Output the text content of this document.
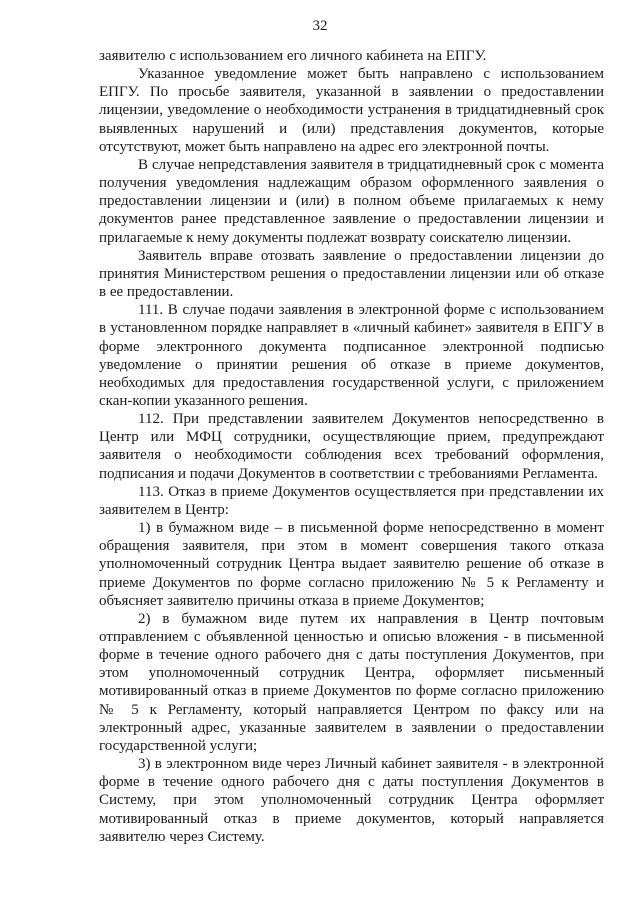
32

заявителю с использованием его личного кабинета на ЕПГУ.

Указанное уведомление может быть направлено с использованием ЕПГУ. По просьбе заявителя, указанной в заявлении о предоставлении лицензии, уведомление о необходимости устранения в тридцатидневный срок выявленных нарушений и (или) представления документов, которые отсутствуют, может быть направлено на адрес его электронной почты.

В случае непредставления заявителя в тридцатидневный срок с момента получения уведомления надлежащим образом оформленного заявления о предоставлении лицензии и (или) в полном объеме прилагаемых к нему документов ранее представленное заявление о предоставлении лицензии и прилагаемые к нему документы подлежат возврату соискателю лицензии.

Заявитель вправе отозвать заявление о предоставлении лицензии до принятия Министерством решения о предоставлении лицензии или об отказе в ее предоставлении.

111. В случае подачи заявления в электронной форме с использованием в установленном порядке направляет в «личный кабинет» заявителя в ЕПГУ в форме электронного документа подписанное электронной подписью уведомление о принятии решения об отказе в приеме документов, необходимых для предоставления государственной услуги, с приложением скан-копии указанного решения.

112. При представлении заявителем Документов непосредственно в Центр или МФЦ сотрудники, осуществляющие прием, предупреждают заявителя о необходимости соблюдения всех требований оформления, подписания и подачи Документов в соответствии с требованиями Регламента.

113. Отказ в приеме Документов осуществляется при представлении их заявителем в Центр:

1) в бумажном виде – в письменной форме непосредственно в момент обращения заявителя, при этом в момент совершения такого отказа уполномоченный сотрудник Центра выдает заявителю решение об отказе в приеме Документов по форме согласно приложению № 5 к Регламенту и объясняет заявителю причины отказа в приеме Документов;

2) в бумажном виде путем их направления в Центр почтовым отправлением с объявленной ценностью и описью вложения - в письменной форме в течение одного рабочего дня с даты поступления Документов, при этом уполномоченный сотрудник Центра, оформляет письменный мотивированный отказ в приеме Документов по форме согласно приложению № 5 к Регламенту, который направляется Центром по факсу или на электронный адрес, указанные заявителем в заявлении о предоставлении государственной услуги;

3) в электронном виде через Личный кабинет заявителя - в электронной форме в течение одного рабочего дня с даты поступления Документов в Систему, при этом уполномоченный сотрудник Центра оформляет мотивированный отказ в приеме документов, который направляется заявителю через Систему.
